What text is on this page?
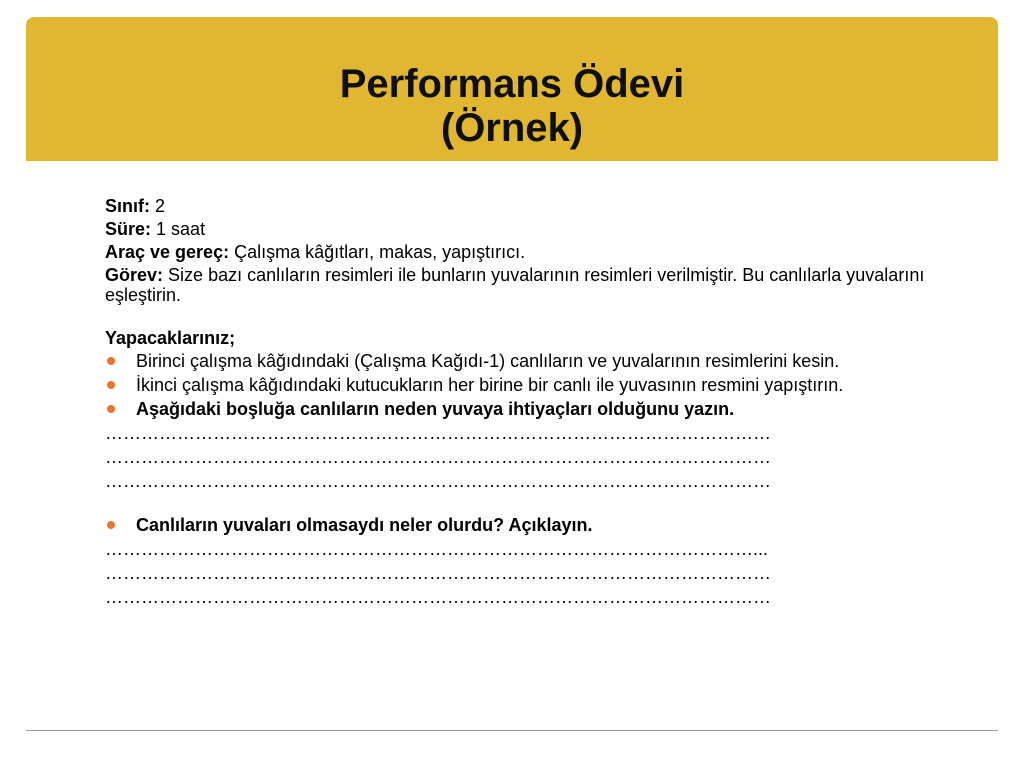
Performans Ödevi
(Örnek)
Sınıf: 2
Süre: 1 saat
Araç ve gereç: Çalışma kâğıtları, makas, yapıştırıcı.
Görev: Size bazı canlıların resimleri ile bunların yuvalarının resimleri verilmiştir. Bu canlılarla yuvalarını eşleştirin.
Yapacaklarınız;
Birinci çalışma kâğıdındaki (Çalışma Kağıdı-1) canlıların ve yuvalarının resimlerini kesin.
İkinci çalışma kâğıdındaki kutucukların her birine bir canlı ile yuvasının resmini yapıştırın.
Aşağıdaki boşluğa canlıların neden yuvaya ihtiyaçları olduğunu yazın.
…………………………………………………………………………………………………
…………………………………………………………………………………………………
…………………………………………………………………………………………………
Canlıların yuvaları olmasaydı neler olurdu? Açıklayın.
………………………………………………………………………………………………...
…………………………………………………………………………………………………
…………………………………………………………………………………………………
